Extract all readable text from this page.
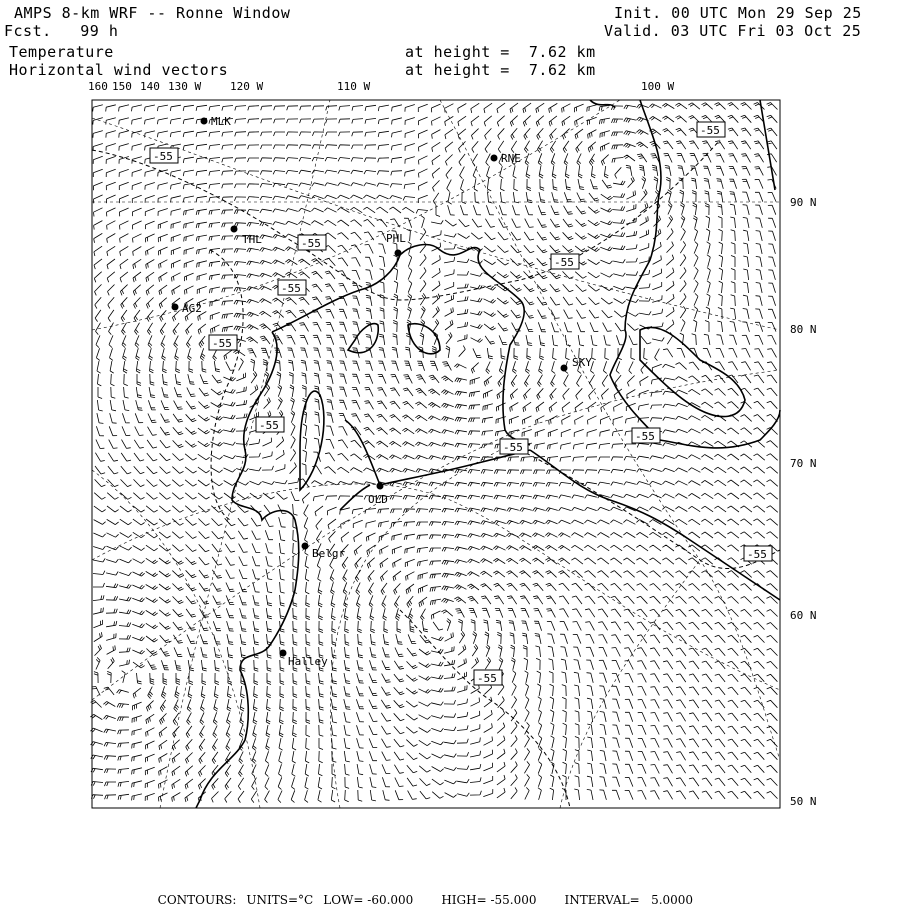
AMPS 8-km WRF -- Ronne Window
Fcst.   99 h
Temperature
Horizontal wind vectors
Init. 00 UTC Mon 29 Sep 25
Valid. 03 UTC Fri 03 Oct 25
at height =  7.62 km
at height =  7.62 km
160 150 140 130 W	120 W	110 W	100 W
90 N
80 N
70 N
60 N
50 N
MLK
RNE
THL	PHL
AG2
SKY
OLD
Belgr
Halley
-55
-55
-55
-55
-55
-55
-55
-55
-55
-55
-55

CONTOURS: UNITS=°C LOW= -60.000 HIGH= -55.000 INTERVAL=   5.0000
